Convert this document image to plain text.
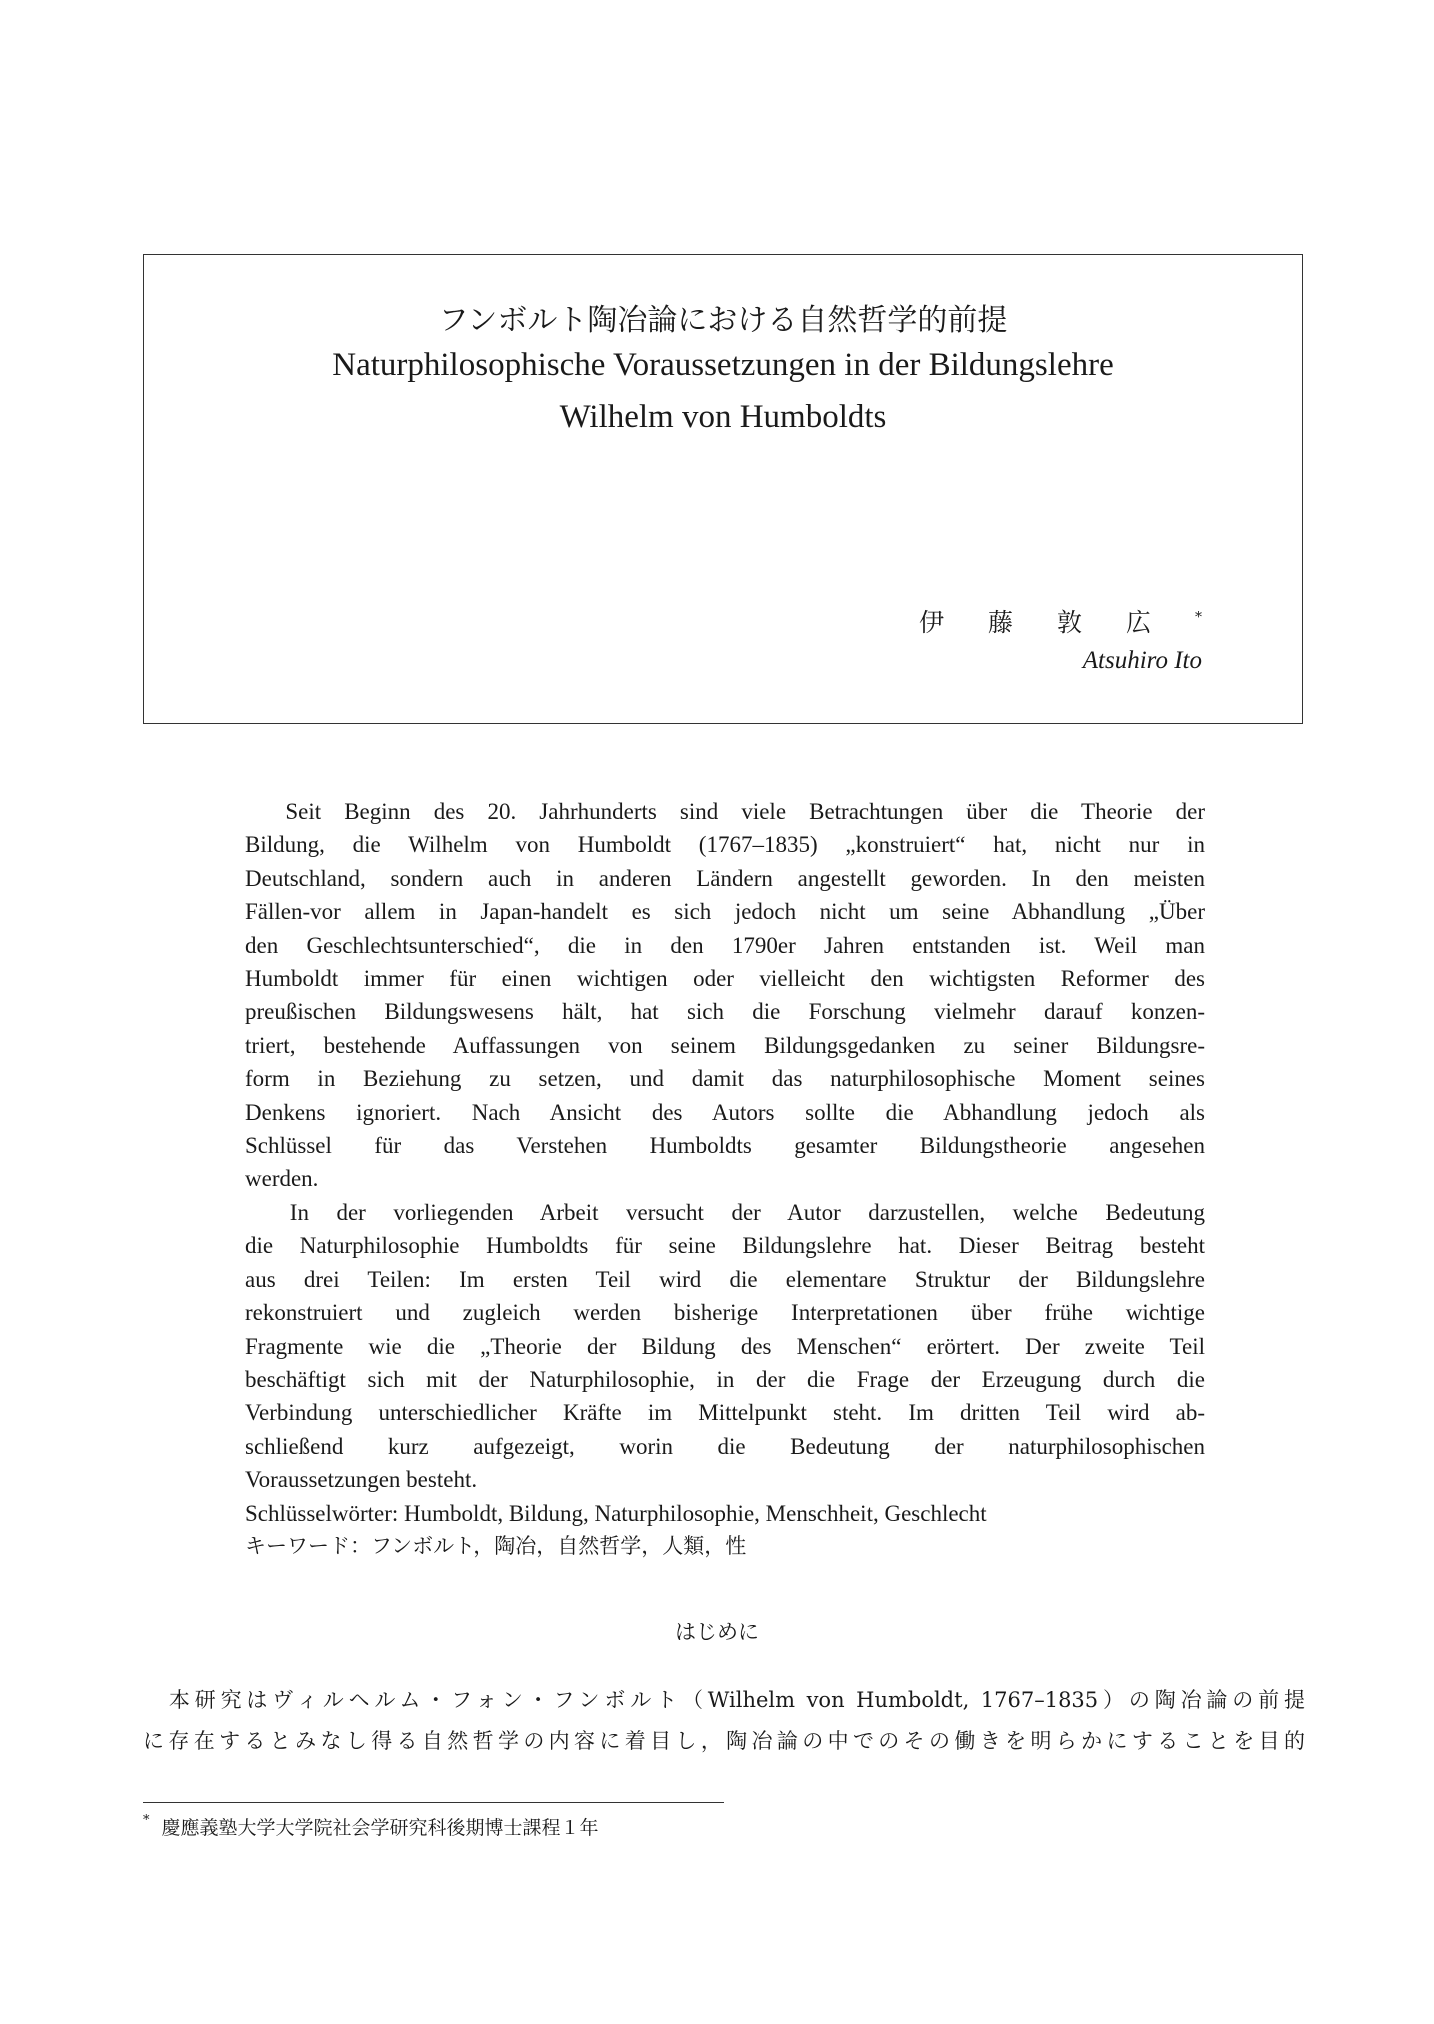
フンボルト陶冶論における自然哲学的前提
Naturphilosophische Voraussetzungen in der Bildungslehre
Wilhelm von Humboldts
伊藤敦広*
Atsuhiro Ito
　Seit Beginn des 20. Jahrhunderts sind viele Betrachtungen über die Theorie der
Bildung, die Wilhelm von Humboldt (1767–1835) „konstruiert“ hat, nicht nur in
Deutschland, sondern auch in anderen Ländern angestellt geworden. In den meisten
Fällen-vor allem in Japan-handelt es sich jedoch nicht um seine Abhandlung „Über
den Geschlechtsunterschied“, die in den 1790er Jahren entstanden ist. Weil man
Humboldt immer für einen wichtigen oder vielleicht den wichtigsten Reformer des
preußischen Bildungswesens hält, hat sich die Forschung vielmehr darauf konzen-
triert, bestehende Auffassungen von seinem Bildungsgedanken zu seiner Bildungsre-
form in Beziehung zu setzen, und damit das naturphilosophische Moment seines
Denkens ignoriert. Nach Ansicht des Autors sollte die Abhandlung jedoch als
Schlüssel für das Verstehen Humboldts gesamter Bildungstheorie angesehen
werden.
　In der vorliegenden Arbeit versucht der Autor darzustellen, welche Bedeutung
die Naturphilosophie Humboldts für seine Bildungslehre hat. Dieser Beitrag besteht
aus drei Teilen: Im ersten Teil wird die elementare Struktur der Bildungslehre
rekonstruiert und zugleich werden bisherige Interpretationen über frühe wichtige
Fragmente wie die „Theorie der Bildung des Menschen“ erörtert. Der zweite Teil
beschäftigt sich mit der Naturphilosophie, in der die Frage der Erzeugung durch die
Verbindung unterschiedlicher Kräfte im Mittelpunkt steht. Im dritten Teil wird ab-
schließend kurz aufgezeigt, worin die Bedeutung der naturphilosophischen
Voraussetzungen besteht.
Schlüsselwörter: Humboldt, Bildung, Naturphilosophie, Menschheit, Geschlecht
キーワード：フンボルト，陶冶，自然哲学，人類，性
はじめに
　本研究はヴィルヘルム・フォン・フンボルト（Wilhelm von Humboldt, 1767–1835）の陶冶論の前提
に存在するとみなし得る自然哲学の内容に着目し，陶冶論の中でのその働きを明らかにすることを目的
* 慶應義塾大学大学院社会学研究科後期博士課程１年
